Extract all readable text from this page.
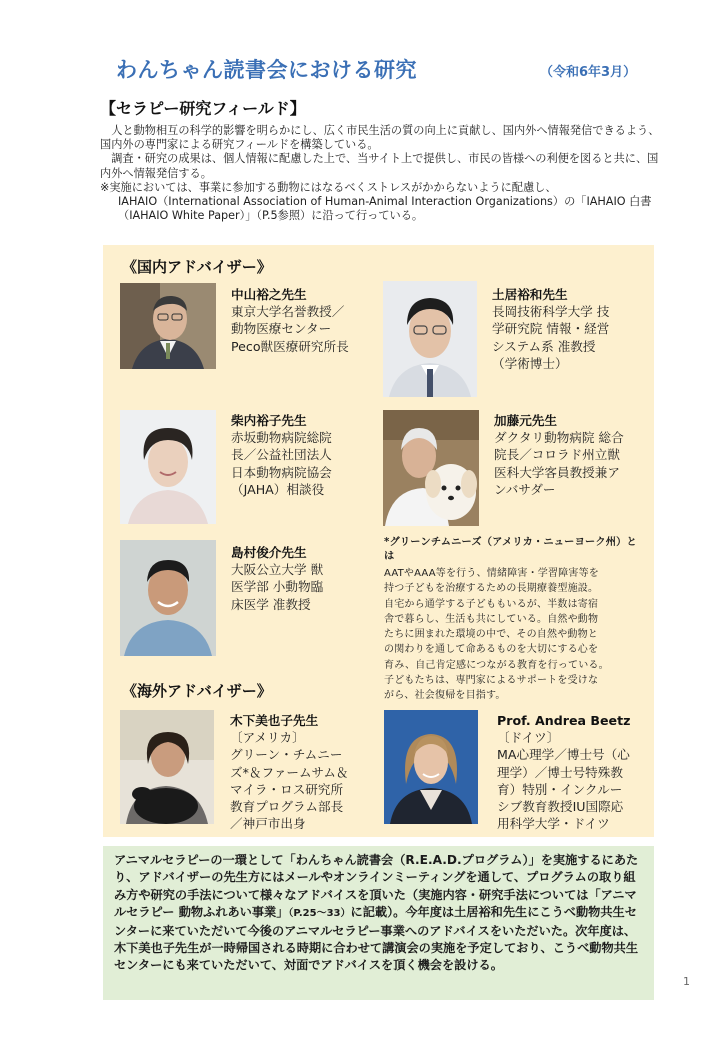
わんちゃん読書会における研究	（令和6年3月）
【セラピー研究フィールド】

人と動物相互の科学的影響を明らかにし、広く市民生活の質の向上に貢献し、国内外へ情報発信できるよう、国内外の専門家による研究フィールドを構築している。

調査・研究の成果は、個人情報に配慮した上で、当サイト上で提供し、市民の皆様への利便を図ると共に、国内外へ情報発信する。

※実施においては、事業に参加する動物にはなるべくストレスがかからないように配慮し、

IAHAIO（International Association of Human-Animal Interaction Organizations）の「IAHAIO 白書（IAHAIO White Paper）」（P.5参照）に沿って行っている。

《国内アドバイザー》
中山裕之先生
東京大学名誉教授／
動物医療センター
Peco獣医療研究所長
土居裕和先生
長岡技術科学大学 技
学研究院 情報・経営
システム系 准教授
（学術博士）
柴内裕子先生
赤坂動物病院総院
長／公益社団法人
日本動物病院協会
（JAHA）相談役
加藤元先生
ダクタリ動物病院 総合
院長／コロラド州立獣
医科大学客員教授兼ア
ンバサダー
島村俊介先生
大阪公立大学 獣
医学部 小動物臨
床医学 准教授
*グリーンチムニーズ（アメリカ・ニューヨーク州）とは
AATやAAA等を行う、情緒障害・学習障害等を
持つ子どもを治療するための長期療養型施設。
自宅から通学する子どももいるが、半数は寄宿
舎で暮らし、生活も共にしている。自然や動物
たちに囲まれた環境の中で、その自然や動物と
の関わりを通して命あるものを大切にする心を
育み、自己肯定感につながる教育を行っている。
子どもたちは、専門家によるサポートを受けな
がら、社会復帰を目指す。
《海外アドバイザー》
木下美也子先生
〔アメリカ〕
グリーン・チムニー
ズ*＆ファームサム＆
マイラ・ロス研究所
教育プログラム部長
／神戸市出身
Prof. Andrea Beetz
〔ドイツ〕
MA心理学／博士号（心
理学）／博士号特殊教
育）特別・インクルー
シブ教育教授IU国際応
用科学大学・ドイツ
アニマルセラピーの一環として「わんちゃん読書会（R.E.A.D.プログラム）」を実施するにあたり、アドバイザーの先生方にはメールやオンラインミーティングを通して、プログラムの取り組み方や研究の手法について様々なアドバイスを頂いた（実施内容・研究手法については「アニマルセラピー 動物ふれあい事業」（P.25〜33）に記載）。今年度は土居裕和先生にこうべ動物共生センターに来ていただいて今後のアニマルセラピー事業へのアドバイスをいただいた。次年度は、木下美也子先生が一時帰国される時期に合わせて講演会の実施を予定しており、こうべ動物共生センターにも来ていただいて、対面でアドバイスを頂く機会を設ける。
1
